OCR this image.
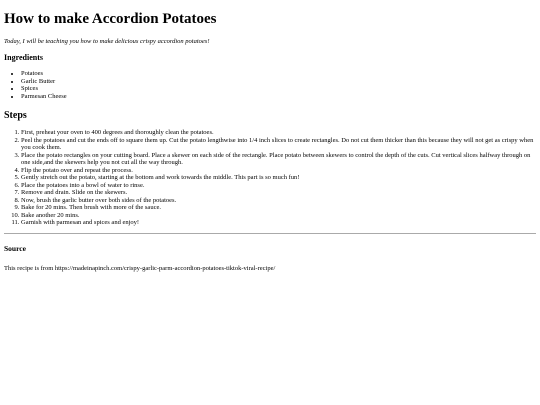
How to make Accordion Potatoes

Today, I will be teaching you how to make delicious crispy accordion potatoes!

Ingredients
• Potatoes
• Garlic Butter
• Spices
• Parmesan Cheese
Steps
1. First, preheat your oven to 400 degrees and thoroughly clean the potatoes.
2. Peel the potatoes and cut the ends off to square them up. Cut the potato lengthwise into 1/4 inch slices to create rectangles. Do not cut them thicker than this because they will not get as crispy when you cook them.
3. Place the potato rectangles on your cutting board. Place a skewer on each side of the rectangle. Place potato between skewers to control the depth of the cuts. Cut vertical slices halfway through on one side,and the skewers help you not cut all the way through.
4. Flip the potato over and repeat the process.
5. Gently stretch out the potato, starting at the bottom and work towards the middle. This part is so much fun!
6. Place the potatoes into a bowl of water to rinse.
7. Remove and drain. Slide on the skewers.
8. Now, brush the garlic butter over both sides of the potatoes.
9. Bake for 20 mins. Then brush with more of the sauce.
10. Bake another 20 mins.
11. Garnish with parmesan and spices and enjoy!
Source

This recipe is from https://madeinapinch.com/crispy-garlic-parm-accordion-potatoes-tiktok-viral-recipe/
